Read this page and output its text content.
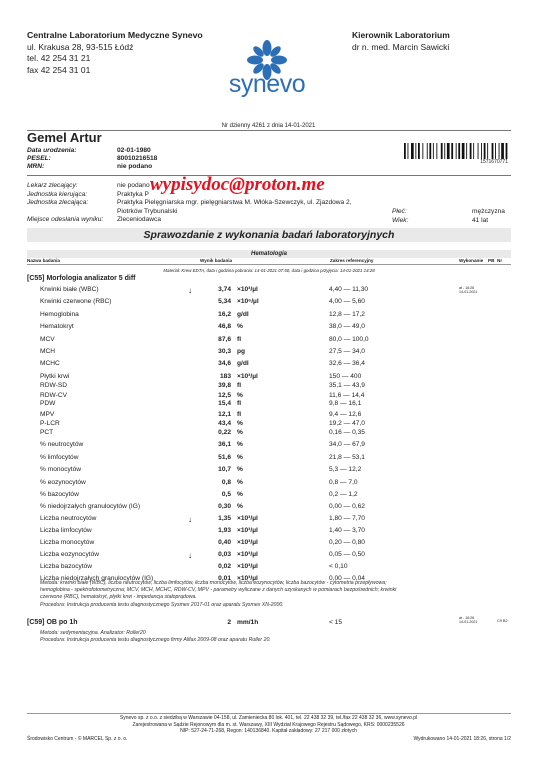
Centralne Laboratorium Medyczne Synevo
ul. Krakusa 28, 93-515 Łódź
tel. 42 254 31 21
fax 42 254 31 01
synevo
Kierownik Laboratorium
dr n. med. Marcin Sawicki
Nr dzienny 4261 z dnia 14-01-2021
Gemel Artur
Data urodzenia:	02-01-1980
PESEL:	80010216518
MRN:	nie podano
1571670771
Lekarz zlecający:	nie podano
Jednostka kierująca:	Praktyka P
Jednostka zlecająca:	Praktyka Pielęgniarska mgr. pielęgniarstwa M. Włóka-Szewczyk, ul. Zjazdowa 2,
Piotrków Trybunalski
Miejsce odesłania wyniku: Zleceniodawca
Płeć:	mężczyzna
Wiek:	41 lat
wypisydoc@proton.me
Sprawozdanie z wykonania badań laboratoryjnych
Hematologia
Nazwa badania	Wynik badania	Zakres referencyjny	Wykonanie PB Nr
Materiał: Krew EDTA, data i godzina pobrania: 14-01-2021 07:50, data i godzina przyjęcia: 14-01-2021 14:28
[C55] Morfologia analizator 5 diff
Krwinki białe (WBC)	↓	3,74 ×10³/µl	4,40 — 11,30
Krwinki czerwone (RBC)	5,34 ×10⁶/µl	4,00 — 5,60
Hemoglobina	16,2 g/dl	12,8 — 17,2
Hematokryt	46,8 %	38,0 — 49,0
MCV	87,6 fl	80,0 — 100,0
MCH	30,3 pg	27,5 — 34,0
MCHC	34,6 g/dl	32,6 — 36,4
Płytki krwi	183 ×10³/µl	150 — 400
RDW-SD	39,8 fl	35,1 — 43,9
RDW-CV	12,5 %	11,6 — 14,4
PDW	15,4 fl	9,8 — 16,1
MPV	12,1 fl	9,4 — 12,6
P-LCR	43,4 %	19,2 — 47,0
PCT	0,22 %	0,16 — 0,35
% neutrocytów	36,1 %	34,0 — 67,9
% limfocytów	51,6 %	21,8 — 53,1
% monocytów	10,7 %	5,3 — 12,2
% eozynocytów	0,8 %	0,8 — 7,0
% bazocytów	0,5 %	0,2 — 1,2
% niedojrzałych granulocytów (IG)	0,30 %	0,00 — 0,62
Liczba neutrocytów	↓	1,35 ×10³/µl	1,80 — 7,70
Liczba limfocytów	1,93 ×10³/µl	1,40 — 3,70
Liczba monocytów	0,40 ×10³/µl	0,20 — 0,80
Liczba eozynocytów	↓	0,03 ×10³/µl	0,05 — 0,50
Liczba bazocytów	0,02 ×10³/µl	< 0,10
Liczba niedojrzałych granulocytów (IG)	0,01 ×10³/µl	0,00 — 0,04
at - 16:26
14-01-2021
Metoda: krwinki białe (WBC), liczba neutrocytów, liczba limfocytów, liczba monocytów, liczba eozynocytów, liczba bazocytów - cytometria przepływowa;
hemoglobina - spektrofotometryczna; MCV, MCH, MCHC, RDW-CV, MPV - parametry wyliczane z danych uzyskanych w pomiarach bezpośrednich; krwinki
czerwone (RBC), hematokryt, płytki krwi - impedancja stałoprądowa.
Procedura: Instrukcja producenta testu diagnostycznego Sysmex 2017-01 oraz aparatu Sysmex XN-2000.
[C59] OB po 1h	2 mm/1h	< 15
at - 16:26
14-01-2021	C9 B2
Metoda: sedymentacyjna. Analizator: Roller20
Procedura: Instrukcja producenta testu diagnostycznego firmy Alifax 2009-08 oraz aparatu Roller 20.
Synevo sp. z o.o. z siedzibą w Warszawie 04-158, ul. Zamieniecka 80 lok. 401, tel. 22 438 32 39, tel./fax 22 438 32 36, www.synevo.pl
Zarejestrowana w Sądzie Rejonowym dla m. st. Warszawy, XIII Wydział Krajowego Rejestru Sądowego, KRS: 0000235526
NIP: 527-24-71-268, Regon: 140136840. Kapitał zakładowy: 27 217 000 złotych
Środowisko Centrum - © MARCEL Sp. z o. o.	Wydrukowano 14-01-2021 18:26, strona 1/2
